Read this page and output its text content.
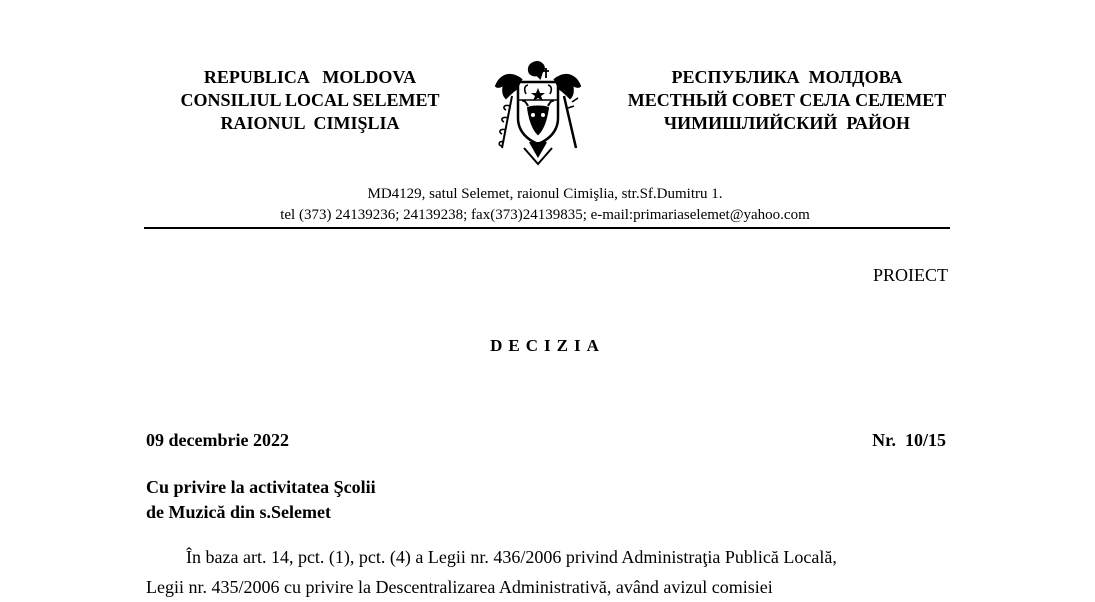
REPUBLICA   MOLDOVA
CONSILIUL LOCAL SELEMET
RAIONUL  CIMIŞLIA
РЕСПУБЛИКА  МОЛДОВА
МЕСТНЫЙ СОВЕТ СЕЛА СЕЛЕМЕТ
ЧИМИШЛИЙСКИЙ  РАЙОН
MD4129, satul Selemet, raionul Cimişlia, str.Sf.Dumitru 1.
tel (373) 24139236; 24139238; fax(373)24139835; e-mail:primariaselemet@yahoo.com
PROIECT
DECIZIA
09 decembrie 2022	Nr.  10/15
Cu privire la activitatea Şcolii
de Muzică din s.Selemet
În baza art. 14, pct. (1), pct. (4) a Legii nr. 436/2006 privind Administraţia Publică Locală,
Legii nr. 435/2006 cu privire la Descentralizarea Administrativă, având avizul comisiei
